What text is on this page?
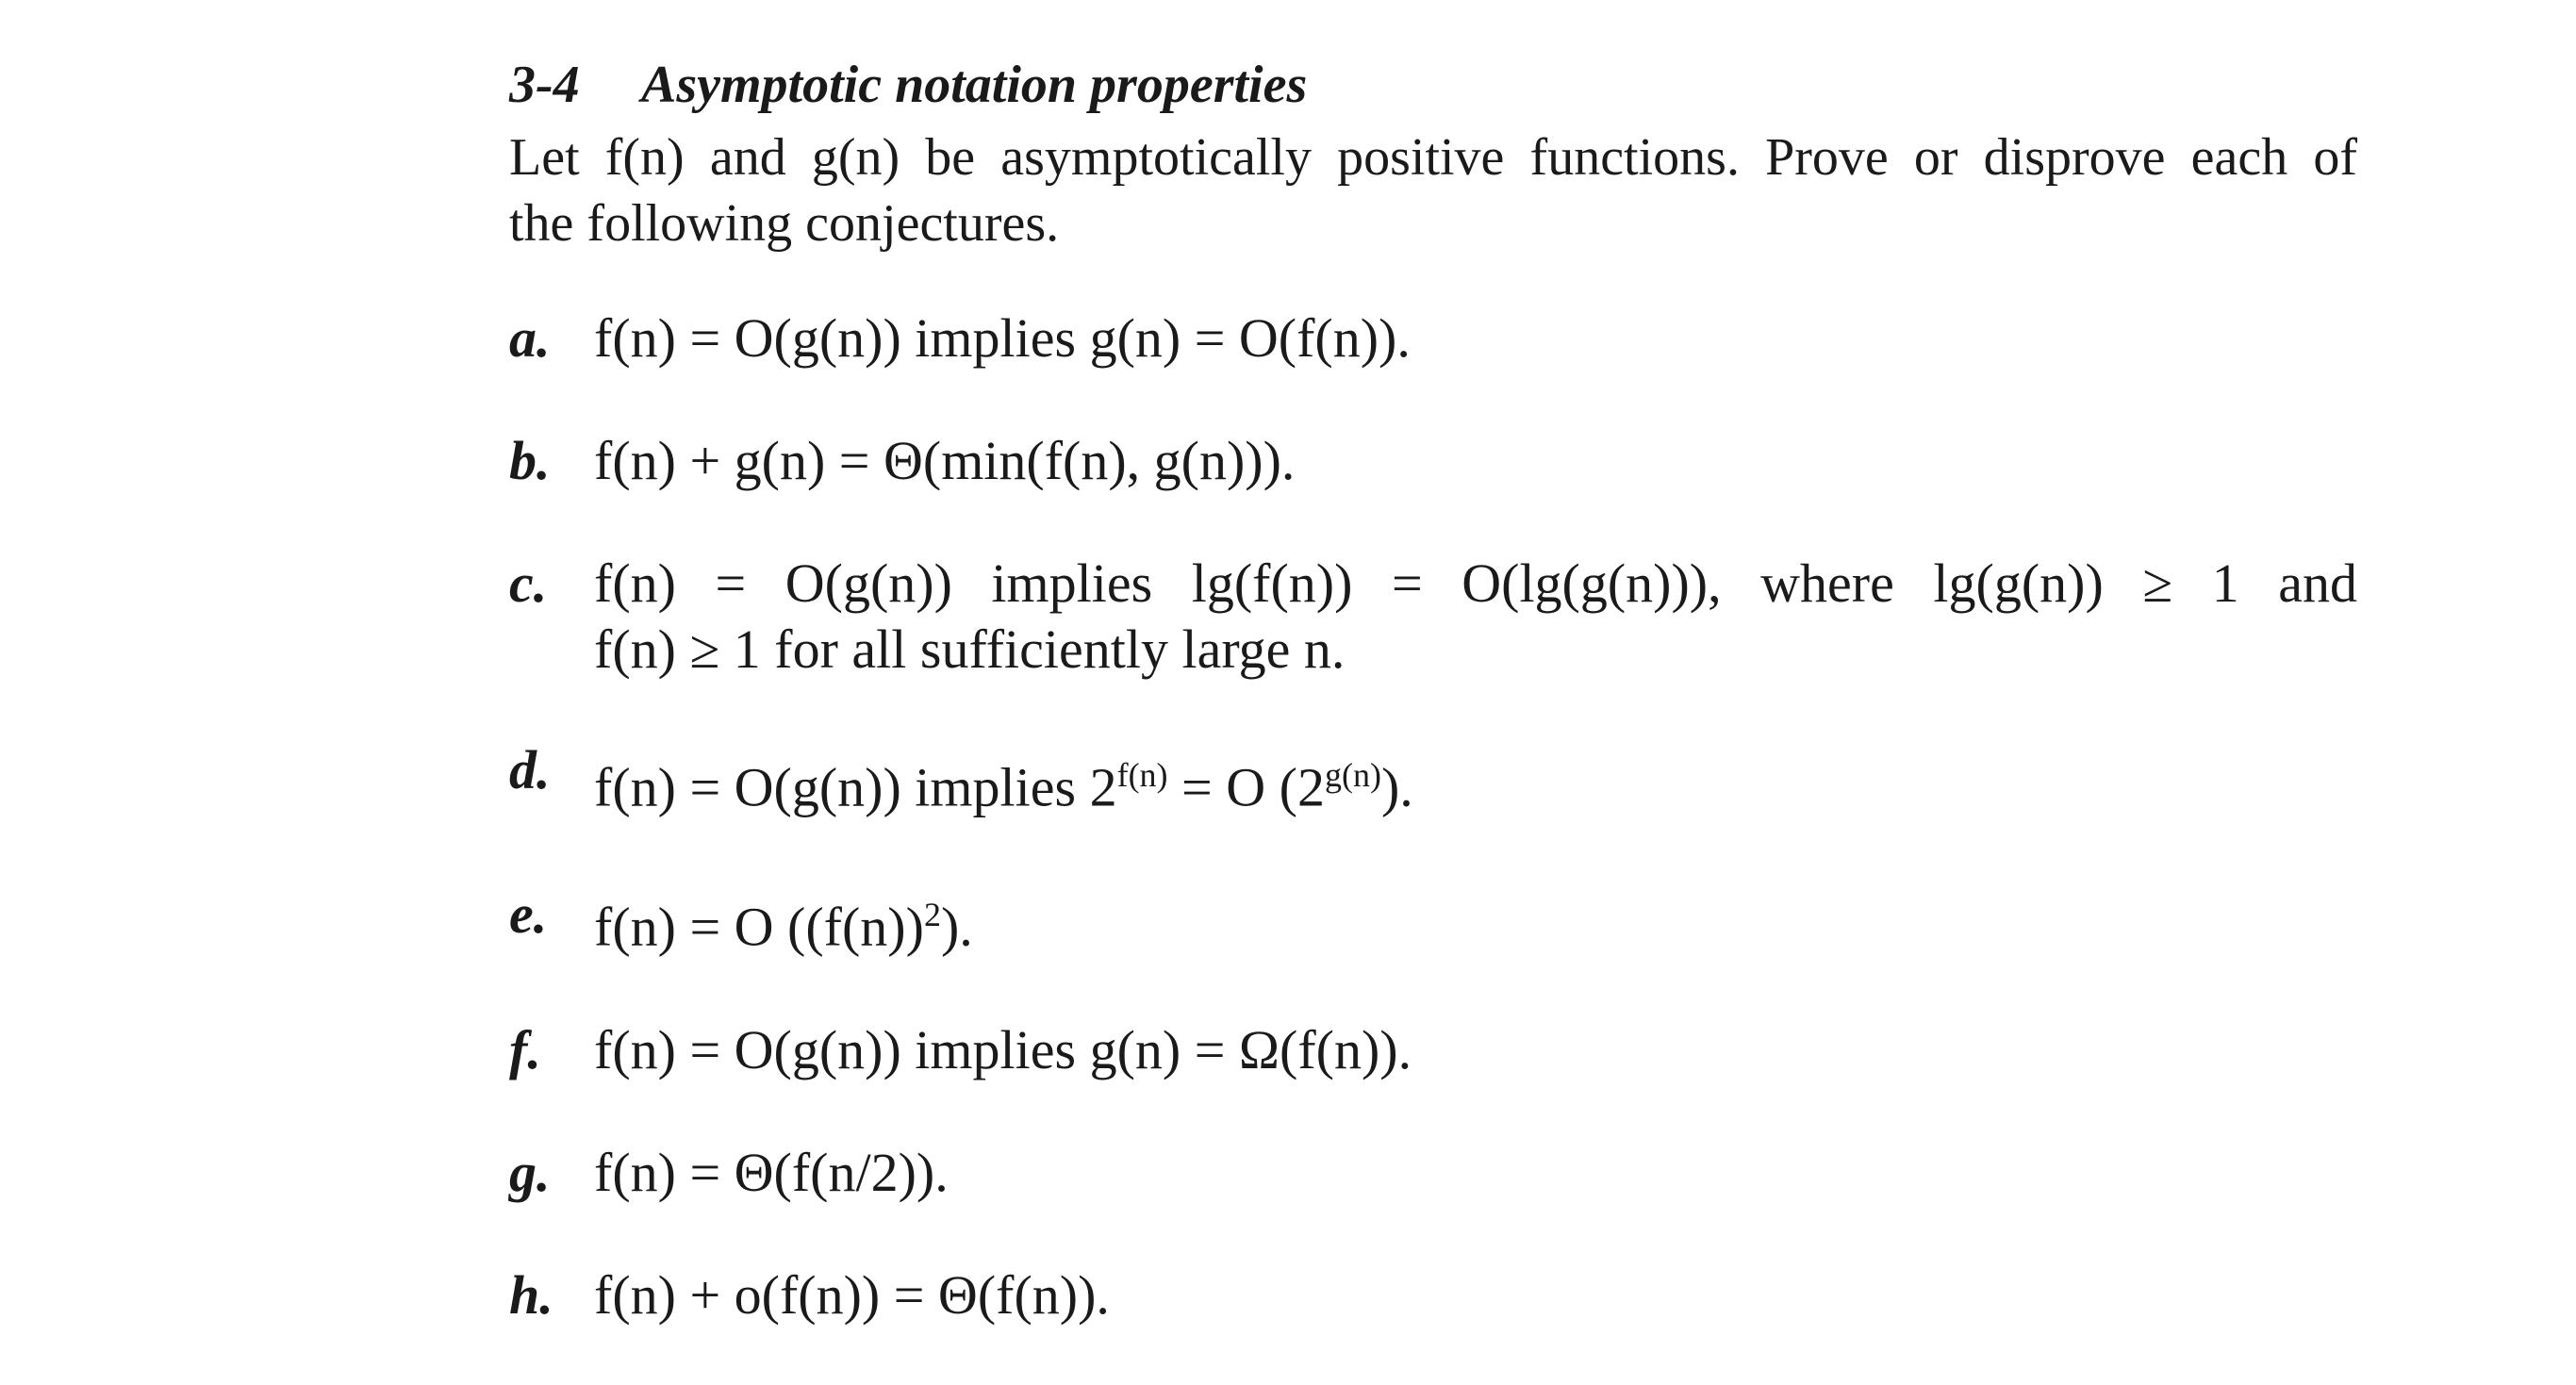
3-4 Asymptotic notation properties
Let f(n) and g(n) be asymptotically positive functions. Prove or disprove each of
the following conjectures.
a. f(n) = O(g(n)) implies g(n) = O(f(n)).
b. f(n) + g(n) = Θ(min(f(n), g(n))).
c. f(n) = O(g(n)) implies lg(f(n)) = O(lg(g(n))), where lg(g(n)) ≥ 1 and
f(n) ≥ 1 for all sufficiently large n.
d. f(n) = O(g(n)) implies $2^{f(n)} = O$ $(2^{g(n)})$.
e. f(n) = O $((f(n))^2)$.
f. f(n) = O(g(n)) implies g(n) = Ω(f(n)).
g. f(n) = Θ(f(n/2)).
h. f(n) + o(f(n)) = Θ(f(n)).
